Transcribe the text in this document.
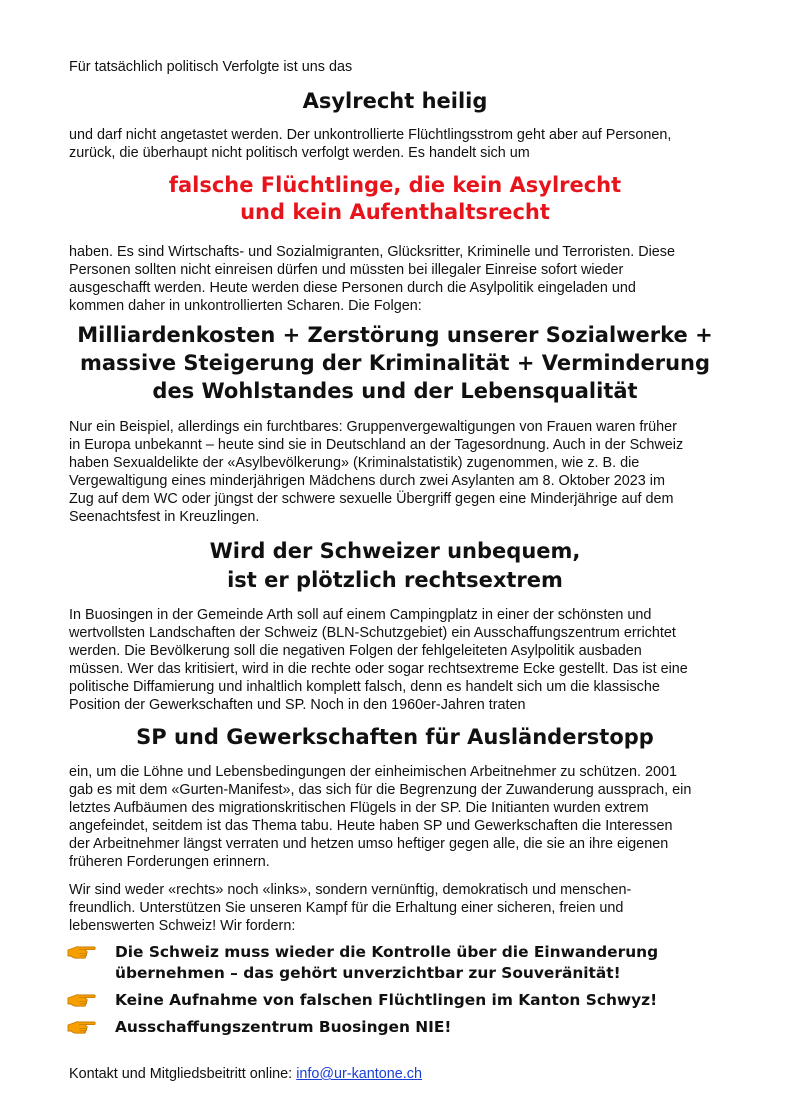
Für tatsächlich politisch Verfolgte ist uns das

Asylrecht heilig

und darf nicht angetastet werden. Der unkontrollierte Flüchtlingsstrom geht aber auf Personen,
zurück, die überhaupt nicht politisch verfolgt werden. Es handelt sich um

falsche Flüchtlinge, die kein Asylrecht
und kein Aufenthaltsrecht

haben. Es sind Wirtschafts- und Sozialmigranten, Glücksritter, Kriminelle und Terroristen. Diese
Personen sollten nicht einreisen dürfen und müssten bei illegaler Einreise sofort wieder
ausgeschafft werden. Heute werden diese Personen durch die Asylpolitik eingeladen und
kommen daher in unkontrollierten Scharen. Die Folgen:

Milliardenkosten + Zerstörung unserer Sozialwerke +
massive Steigerung der Kriminalität + Verminderung
des Wohlstandes und der Lebensqualität

Nur ein Beispiel, allerdings ein furchtbares: Gruppenvergewaltigungen von Frauen waren früher
in Europa unbekannt – heute sind sie in Deutschland an der Tagesordnung. Auch in der Schweiz
haben Sexualdelikte der «Asylbevölkerung» (Kriminalstatistik) zugenommen, wie z. B. die
Vergewaltigung eines minderjährigen Mädchens durch zwei Asylanten am 8. Oktober 2023 im
Zug auf dem WC oder jüngst der schwere sexuelle Übergriff gegen eine Minderjährige auf dem
Seenachtsfest in Kreuzlingen.

Wird der Schweizer unbequem,
ist er plötzlich rechtsextrem

In Buosingen in der Gemeinde Arth soll auf einem Campingplatz in einer der schönsten und
wertvollsten Landschaften der Schweiz (BLN-Schutzgebiet) ein Ausschaffungszentrum errichtet
werden. Die Bevölkerung soll die negativen Folgen der fehlgeleiteten Asylpolitik ausbaden
müssen. Wer das kritisiert, wird in die rechte oder sogar rechtsextreme Ecke gestellt. Das ist eine
politische Diffamierung und inhaltlich komplett falsch, denn es handelt sich um die klassische
Position der Gewerkschaften und SP. Noch in den 1960er-Jahren traten

SP und Gewerkschaften für Ausländerstopp

ein, um die Löhne und Lebensbedingungen der einheimischen Arbeitnehmer zu schützen. 2001
gab es mit dem «Gurten-Manifest», das sich für die Begrenzung der Zuwanderung aussprach, ein
letztes Aufbäumen des migrationskritischen Flügels in der SP. Die Initianten wurden extrem
angefeindet, seitdem ist das Thema tabu. Heute haben SP und Gewerkschaften die Interessen
der Arbeitnehmer längst verraten und hetzen umso heftiger gegen alle, die sie an ihre eigenen
früheren Forderungen erinnern.

Wir sind weder «rechts» noch «links», sondern vernünftig, demokratisch und menschen-
freundlich. Unterstützen Sie unseren Kampf für die Erhaltung einer sicheren, freien und
lebenswerten Schweiz! Wir fordern:

Die Schweiz muss wieder die Kontrolle über die Einwanderung
übernehmen – das gehört unverzichtbar zur Souveränität!
Keine Aufnahme von falschen Flüchtlingen im Kanton Schwyz!
Ausschaffungszentrum Buosingen NIE!

Kontakt und Mitgliedsbeitritt online: info@ur-kantone.ch
